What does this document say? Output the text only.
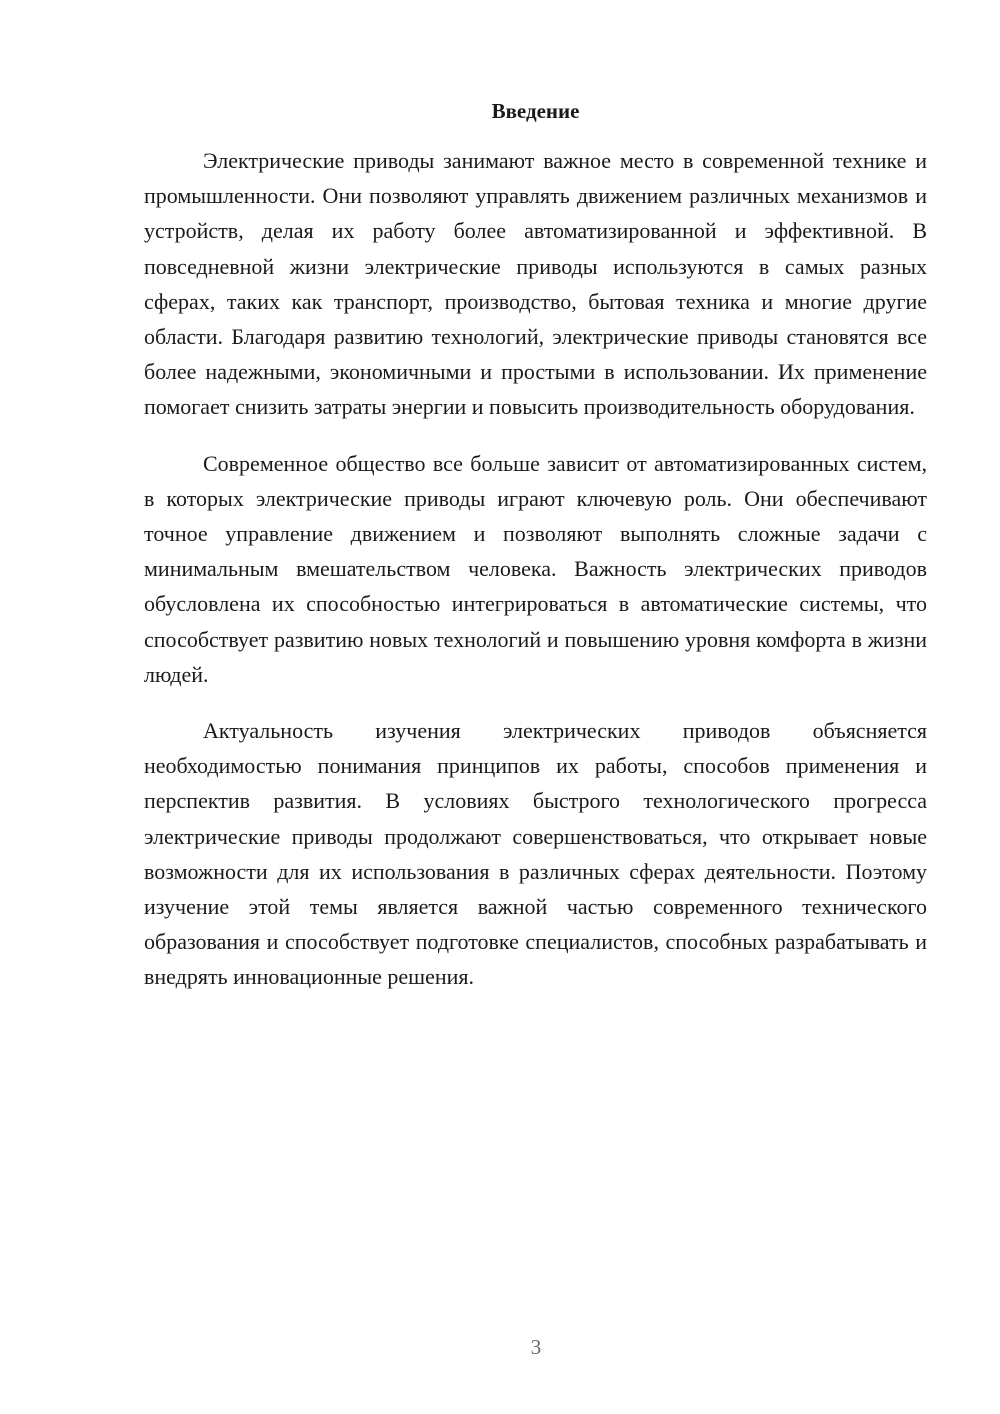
Введение

Электрические приводы занимают важное место в современной технике и промышленности. Они позволяют управлять движением различных механизмов и устройств, делая их работу более автоматизированной и эффективной. В повседневной жизни электрические приводы используются в самых разных сферах, таких как транспорт, производство, бытовая техника и многие другие области. Благодаря развитию технологий, электрические приводы становятся все более надежными, экономичными и простыми в использовании. Их применение помогает снизить затраты энергии и повысить производительность оборудования.

Современное общество все больше зависит от автоматизированных систем, в которых электрические приводы играют ключевую роль. Они обеспечивают точное управление движением и позволяют выполнять сложные задачи с минимальным вмешательством человека. Важность электрических приводов обусловлена их способностью интегрироваться в автоматические системы, что способствует развитию новых технологий и повышению уровня комфорта в жизни людей.

Актуальность изучения электрических приводов объясняется необходимостью понимания принципов их работы, способов применения и перспектив развития. В условиях быстрого технологического прогресса электрические приводы продолжают совершенствоваться, что открывает новые возможности для их использования в различных сферах деятельности. Поэтому изучение этой темы является важной частью современного технического образования и способствует подготовке специалистов, способных разрабатывать и внедрять инновационные решения.

3
